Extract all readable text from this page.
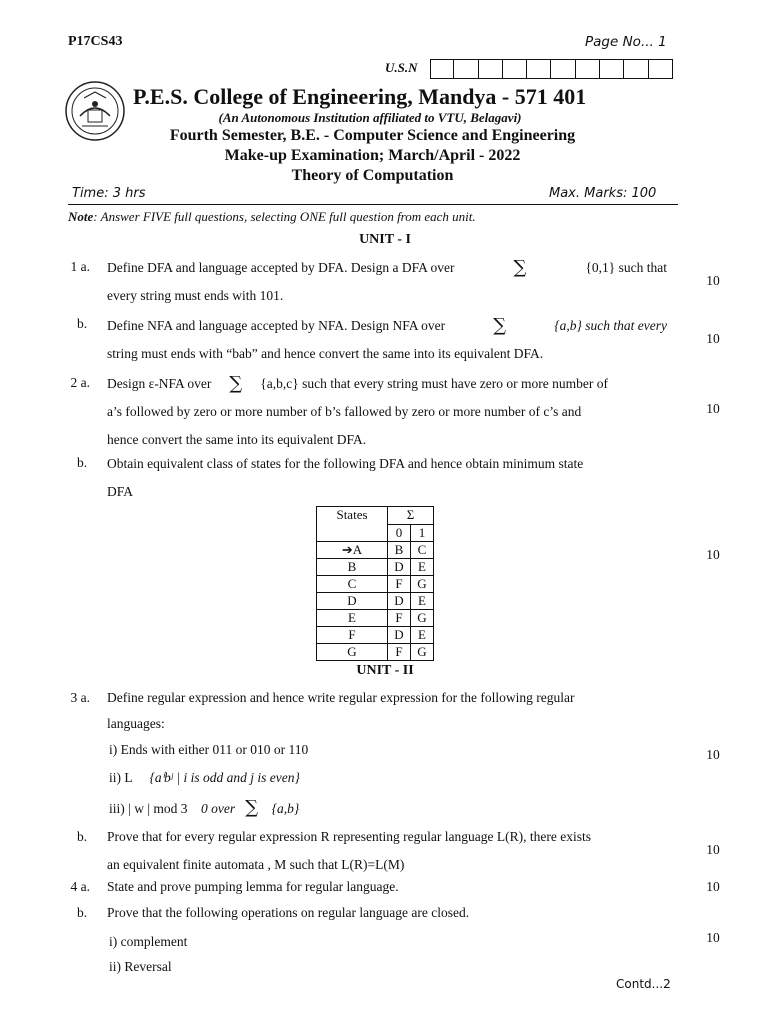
P17CS43	Page No... 1
U.S.N
P.E.S. College of Engineering, Mandya - 571 401
(An Autonomous Institution affiliated to VTU, Belagavi)
Fourth Semester, B.E. - Computer Science and Engineering
Make-up Examination; March/April - 2022
Theory of Computation
Time: 3 hrs	Max. Marks: 100
Note: Answer FIVE full questions, selecting ONE full question from each unit.
UNIT - I
1 a. Define DFA and language accepted by DFA. Design a DFA over	∑	{0,1} such that
every string must ends with 101.
10
b. Define NFA and language accepted by NFA. Design NFA over	∑	{a,b} such that every
string must ends with “bab” and hence convert the same into its equivalent DFA.
10
2 a. Design ε-NFA over ∑ {a,b,c} such that every string must have zero or more number of
a’s followed by zero or more number of b’s fallowed by zero or more number of c’s and
hence convert the same into its equivalent DFA.
10
b. Obtain equivalent class of states for the following DFA and hence obtain minimum state
DFA
10
States	Σ	
	0	1
➔A	B	C
B	D	E
C	F	G
D	D	E
E	F	G
F	D	E
G	F	G
UNIT - II
3 a. Define regular expression and hence write regular expression for the following regular
languages:
i) Ends with either 011 or 010 or 110
ii) L {aⁱbʲ | i is odd and j is even}
iii) | w | mod 3 0 over ∑ {a,b}
10
b. Prove that for every regular expression R representing regular language L(R), there exists
an equivalent finite automata , M such that L(R)=L(M)
10
4 a. State and prove pumping lemma for regular language.	10
b. Prove that the following operations on regular language are closed.
i) complement
ii) Reversal
10
Contd...2
